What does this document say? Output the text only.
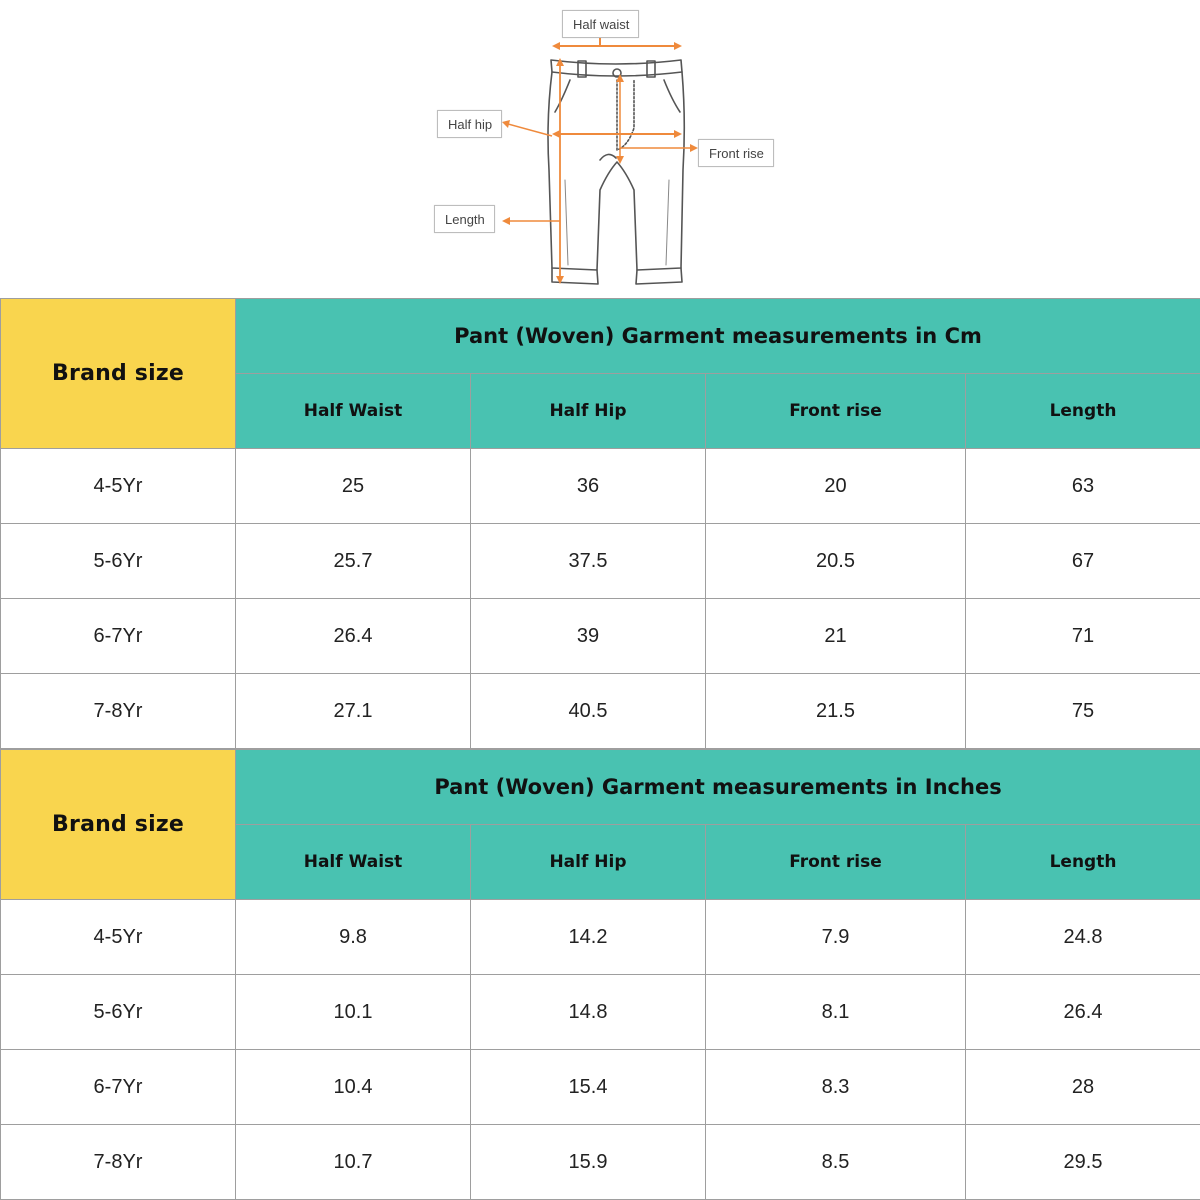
Half waist
Half hip
Front rise
Length
Brand size	Pant (Woven) Garment measurements in Cm			
	Half Waist	Half Hip	Front rise	Length
4-5Yr	25	36	20	63
5-6Yr	25.7	37.5	20.5	67
6-7Yr	26.4	39	21	71
7-8Yr	27.1	40.5	21.5	75
Brand size	Pant (Woven) Garment measurements in Inches			
	Half Waist	Half Hip	Front rise	Length
4-5Yr	9.8	14.2	7.9	24.8
5-6Yr	10.1	14.8	8.1	26.4
6-7Yr	10.4	15.4	8.3	28
7-8Yr	10.7	15.9	8.5	29.5
